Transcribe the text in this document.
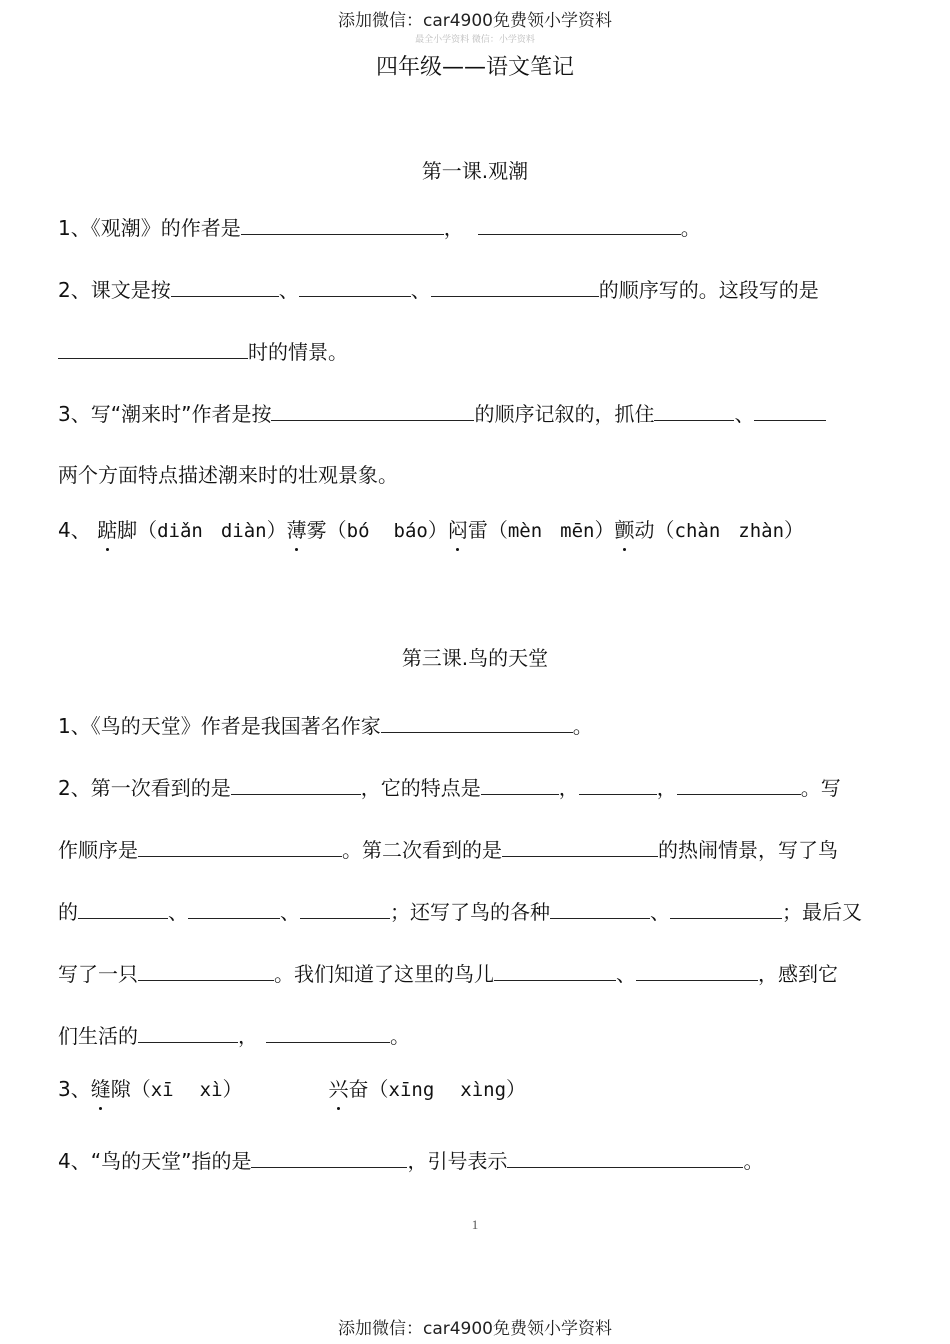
添加微信：car4900免费领小学资料
最全小学资料 微信：小学资料
四年级——语文笔记
第一课.观潮
1、《观潮》的作者是	，	。
2、课文是按	、	、	的顺序写的。这段写的是
时的情景。
3、写“潮来时”作者是按	的顺序记叙的，抓住	、
两个方面特点描述潮来时的壮观景象。
4、 踮脚（diǎn diàn）薄雾（bó báo）闷雷（mèn mēn）颤动（chàn zhàn）
第三课.鸟的天堂
1、《鸟的天堂》作者是我国著名作家	。
2、第一次看到的是	，它的特点是	，	，	。写
作顺序是	。第二次看到的是	的热闹情景，写了鸟
的	、	、	；还写了鸟的各种	、	；最后又
写了一只	。我们知道了这里的鸟儿	、	，感到它
们生活的	，	。
3、缝隙（xī xì）	兴奋（xīng xìng）
4、“鸟的天堂”指的是	，引号表示	。
1
添加微信：car4900免费领小学资料
